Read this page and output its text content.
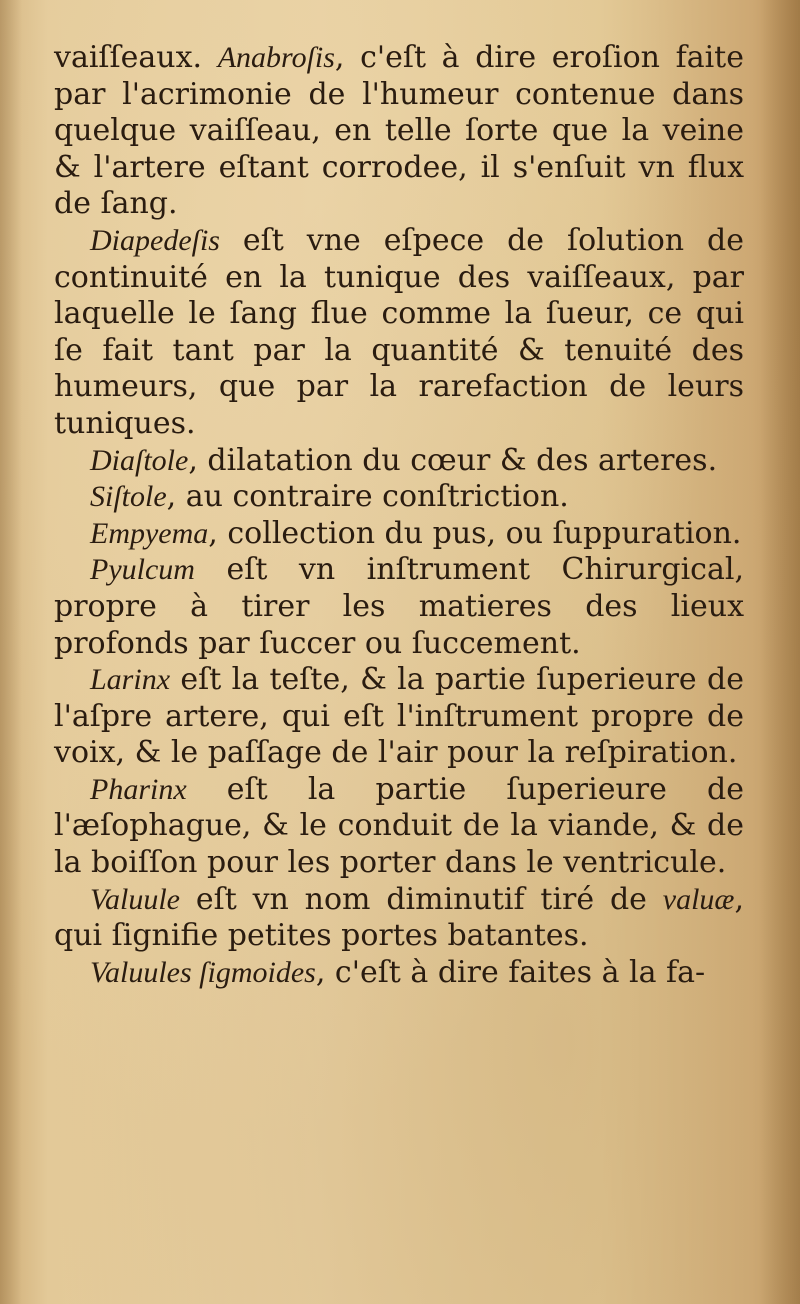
vaiſſeaux. Anabroſis, c'eſt à dire eroſion faite par l'acrimonie de l'humeur contenue dans quelque vaiſſeau, en telle ſorte que la veine & l'artere eſtant corrodee, il s'enſuit vn flux de ſang.

Diapedeſis eſt vne eſpece de ſolution de continuité en la tunique des vaiſſeaux, par laquelle le ſang flue comme la ſueur, ce qui ſe fait tant par la quantité & tenuité des humeurs, que par la rarefaction de leurs tuniques.

Diaſtole, dilatation du cœur & des arteres.

Siſtole, au contraire conſtriction.

Empyema, collection du pus, ou ſuppuration.

Pyulcum eſt vn inſtrument Chirurgical, propre à tirer les matieres des lieux profonds par ſuccer ou ſuccement.

Larinx eſt la teſte, & la partie ſuperieure de l'aſpre artere, qui eſt l'inſtrument propre de voix, & le paſſage de l'air pour la reſpiration.

Pharinx eſt la partie ſuperieure de l'æſophague, & le conduit de la viande, & de la boiſſon pour les porter dans le ventricule.

Valuule eſt vn nom diminutif tiré de valuæ, qui ſignifie petites portes batantes.

Valuules ſigmoides, c'eſt à dire faites à la fa-
